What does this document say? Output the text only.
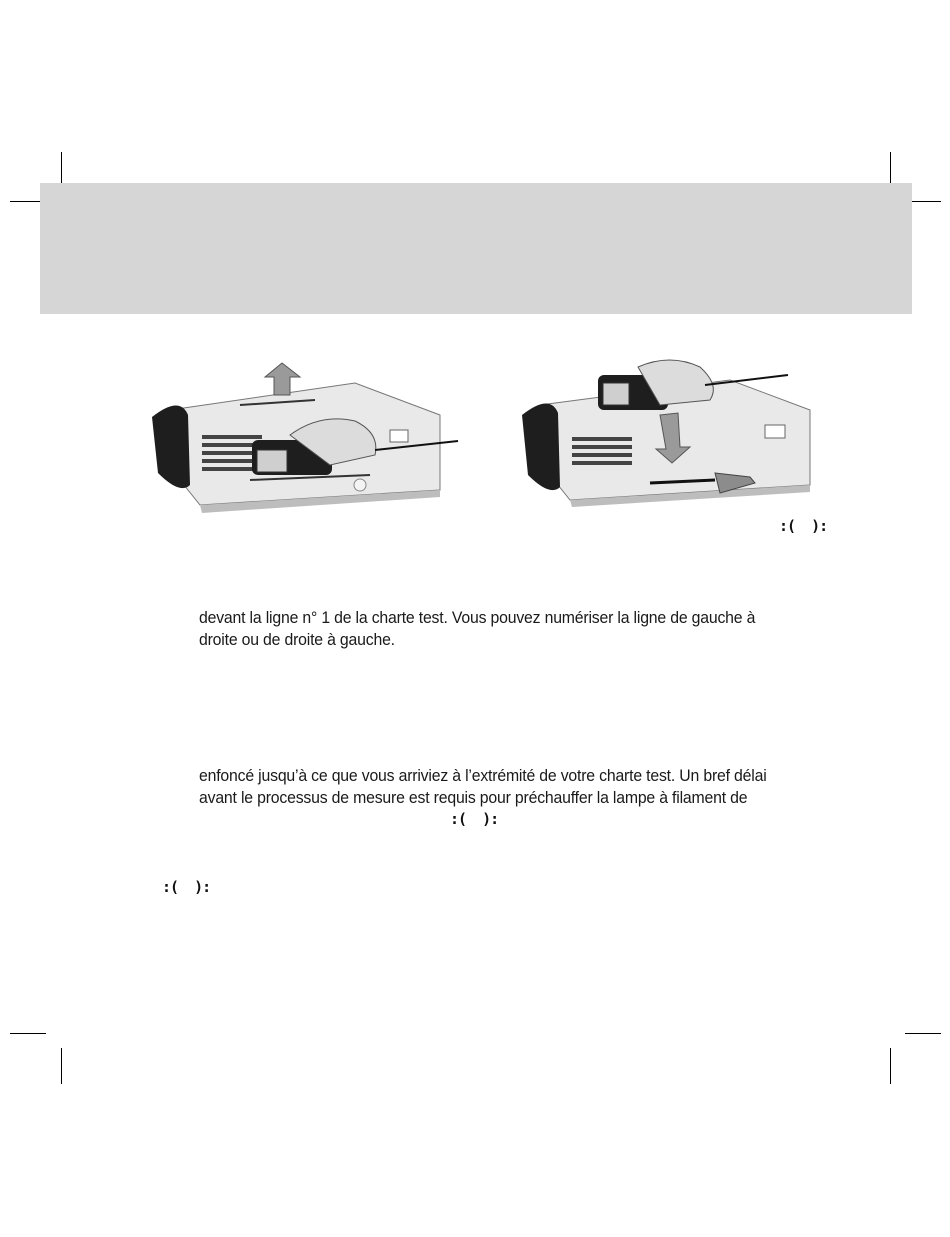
:(  ):
devant la ligne n° 1 de la charte test. Vous pouvez numériser la ligne de gauche à
droite ou de droite à gauche.
enfoncé jusqu’à ce que vous arriviez à l’extrémité de votre charte test. Un bref délai
avant le processus de mesure est requis pour préchauffer la lampe à filament de
:(  ):
:(  ):
